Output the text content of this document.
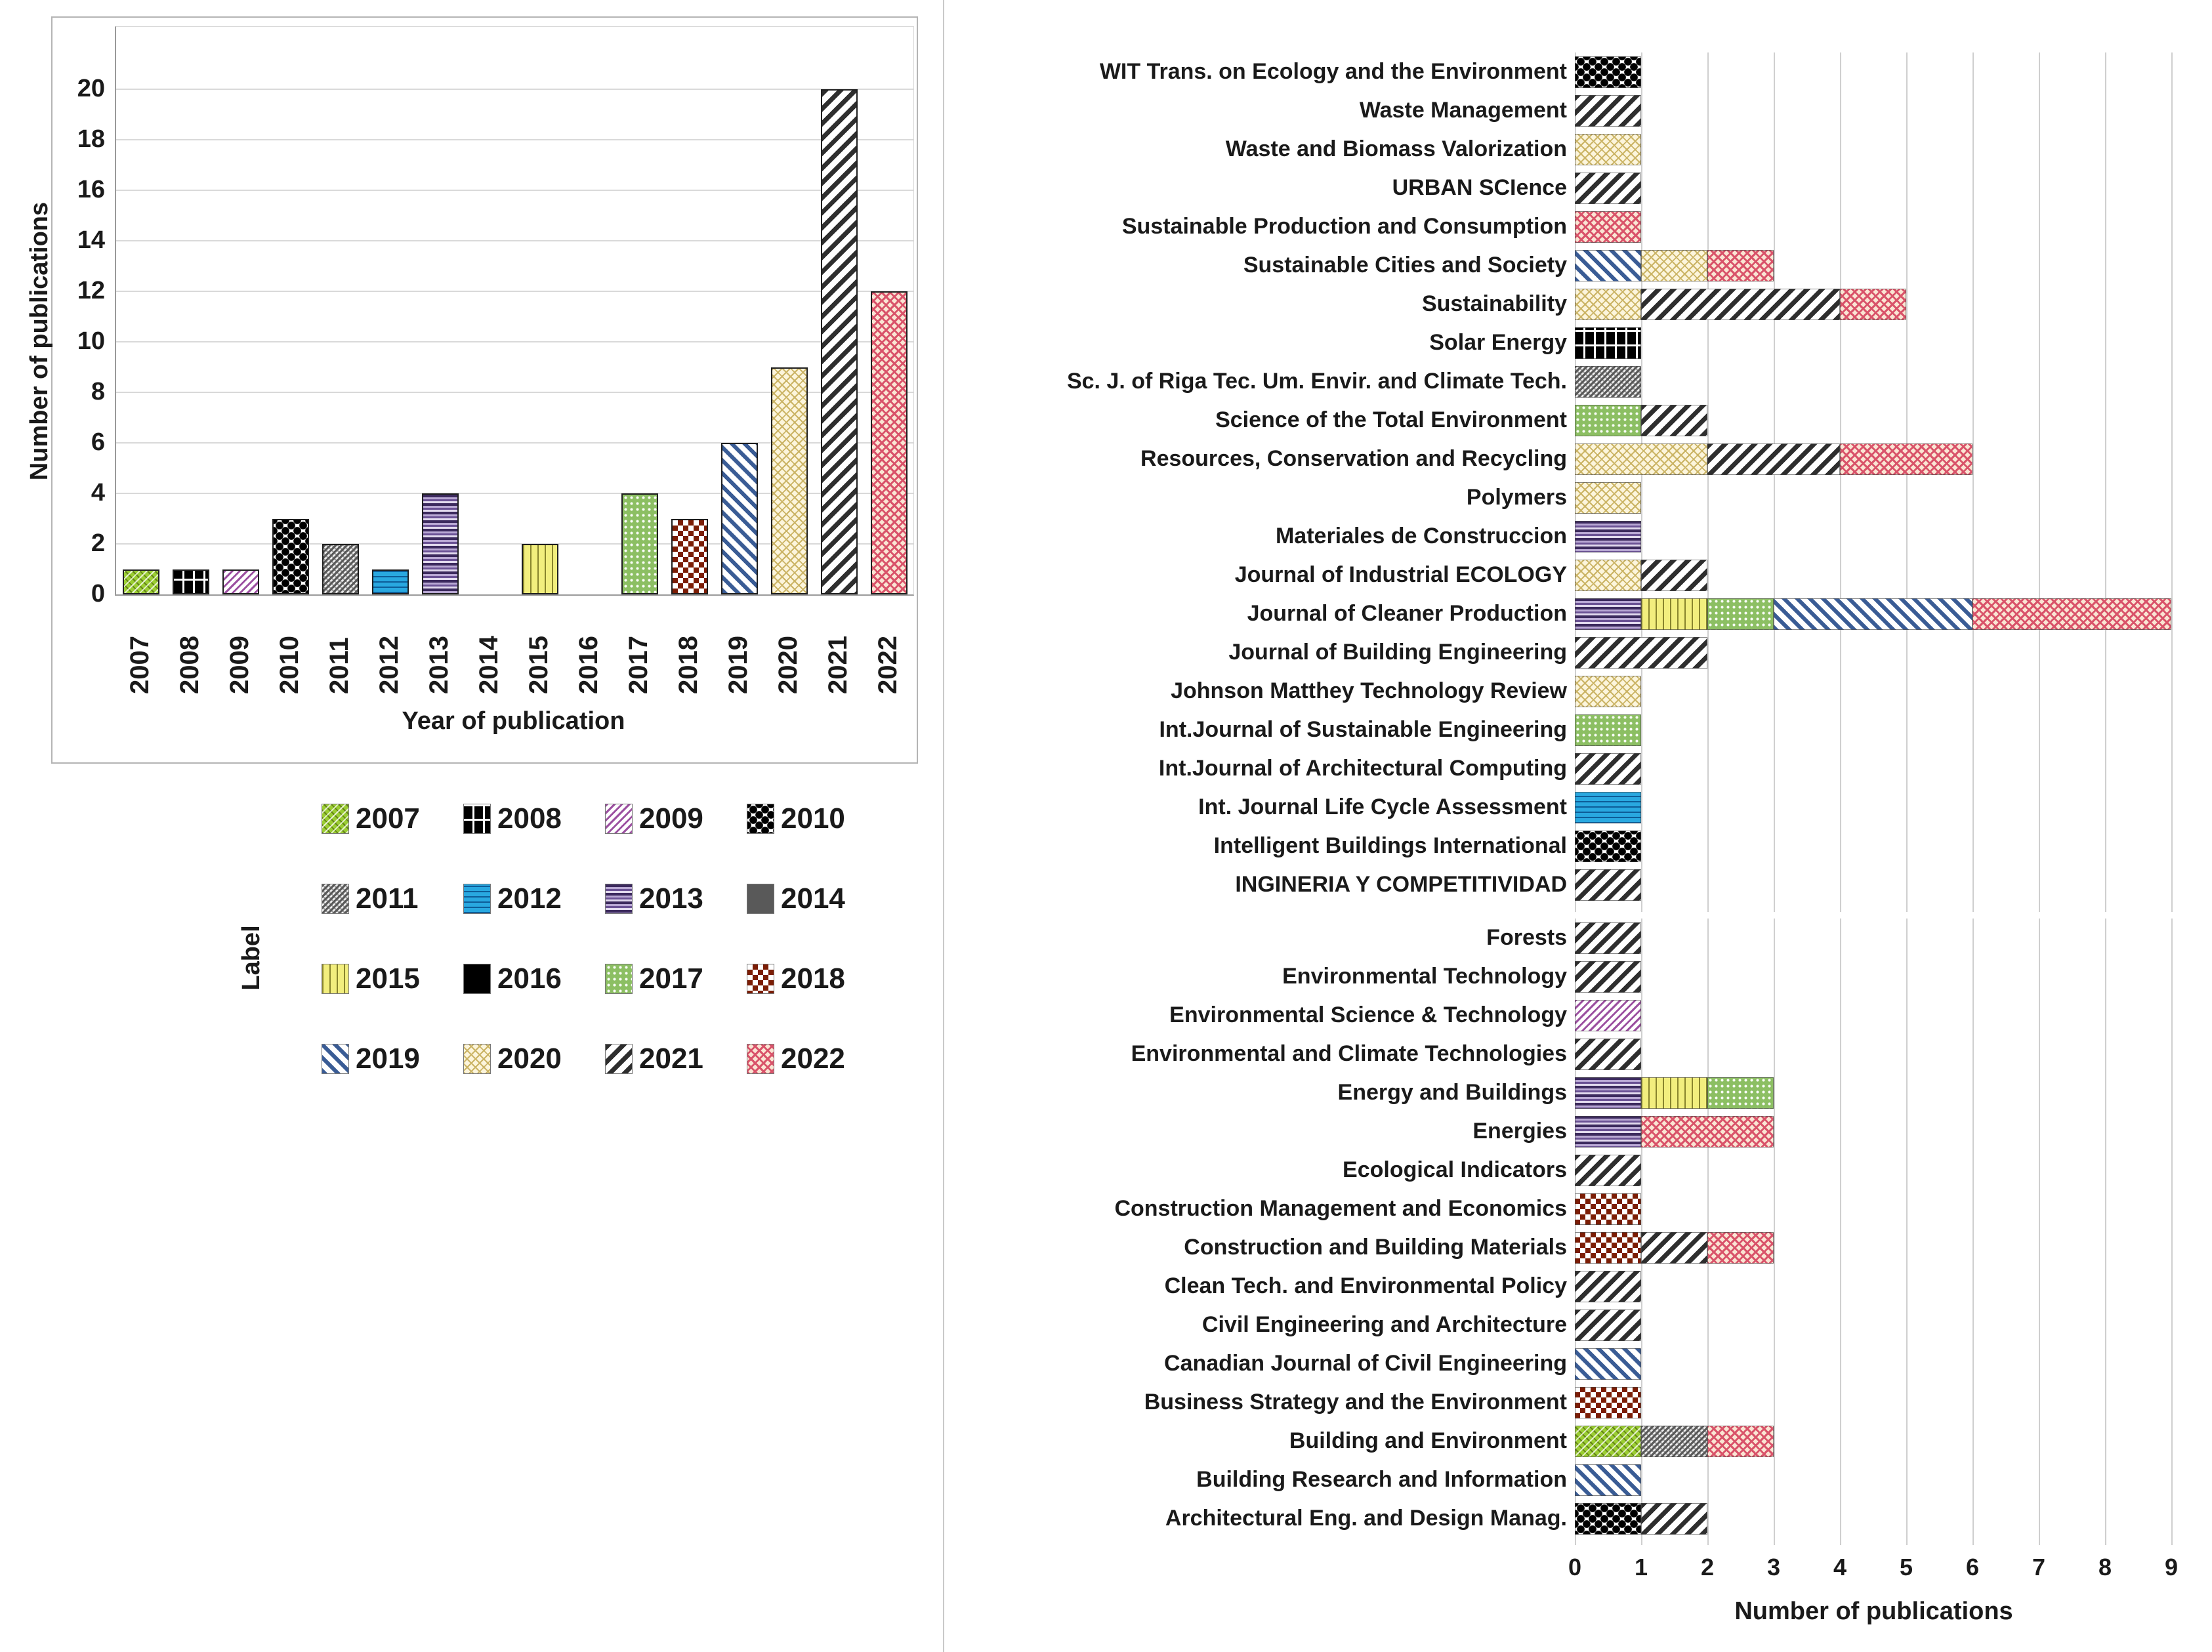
Number of publications
0
2
4
6
8
10
12
14
16
18
20
2007 2008 2009 2010 2011 2012 2013 2014 2015 2016 2017 2018 2019 2020 2021 2022
Year of publication
Label
2007	2008	2009	2010
2011	2012	2013	2014
2015	2016	2017	2018
2019	2020	2021	2022
WIT Trans. on Ecology and the Environment
Waste Management
Waste and Biomass Valorization
URBAN SCIence
Sustainable Production and Consumption
Sustainable Cities and Society
Sustainability
Solar Energy
Sc. J. of Riga Tec. Um. Envir. and Climate Tech.
Science of the Total Environment
Resources, Conservation and Recycling
Polymers
Materiales de Construccion
Journal of Industrial ECOLOGY
Journal of Cleaner Production
Journal of Building Engineering
Johnson Matthey Technology Review
Int.Journal of Sustainable Engineering
Int.Journal of Architectural Computing
Int. Journal Life Cycle Assessment
Intelligent Buildings International
INGINERIA Y COMPETITIVIDAD
Forests
Environmental Technology
Environmental Science & Technology
Environmental and Climate Technologies
Energy and Buildings
Energies
Ecological Indicators
Construction Management and Economics
Construction and Building Materials
Clean Tech. and Environmental Policy
Civil Engineering and Architecture
Canadian Journal of Civil Engineering
Business Strategy and the Environment
Building and Environment
Building Research and Information
Architectural Eng. and Design Manag.
0	1	2	3	4	5	6	7	8	9
Number of publications
